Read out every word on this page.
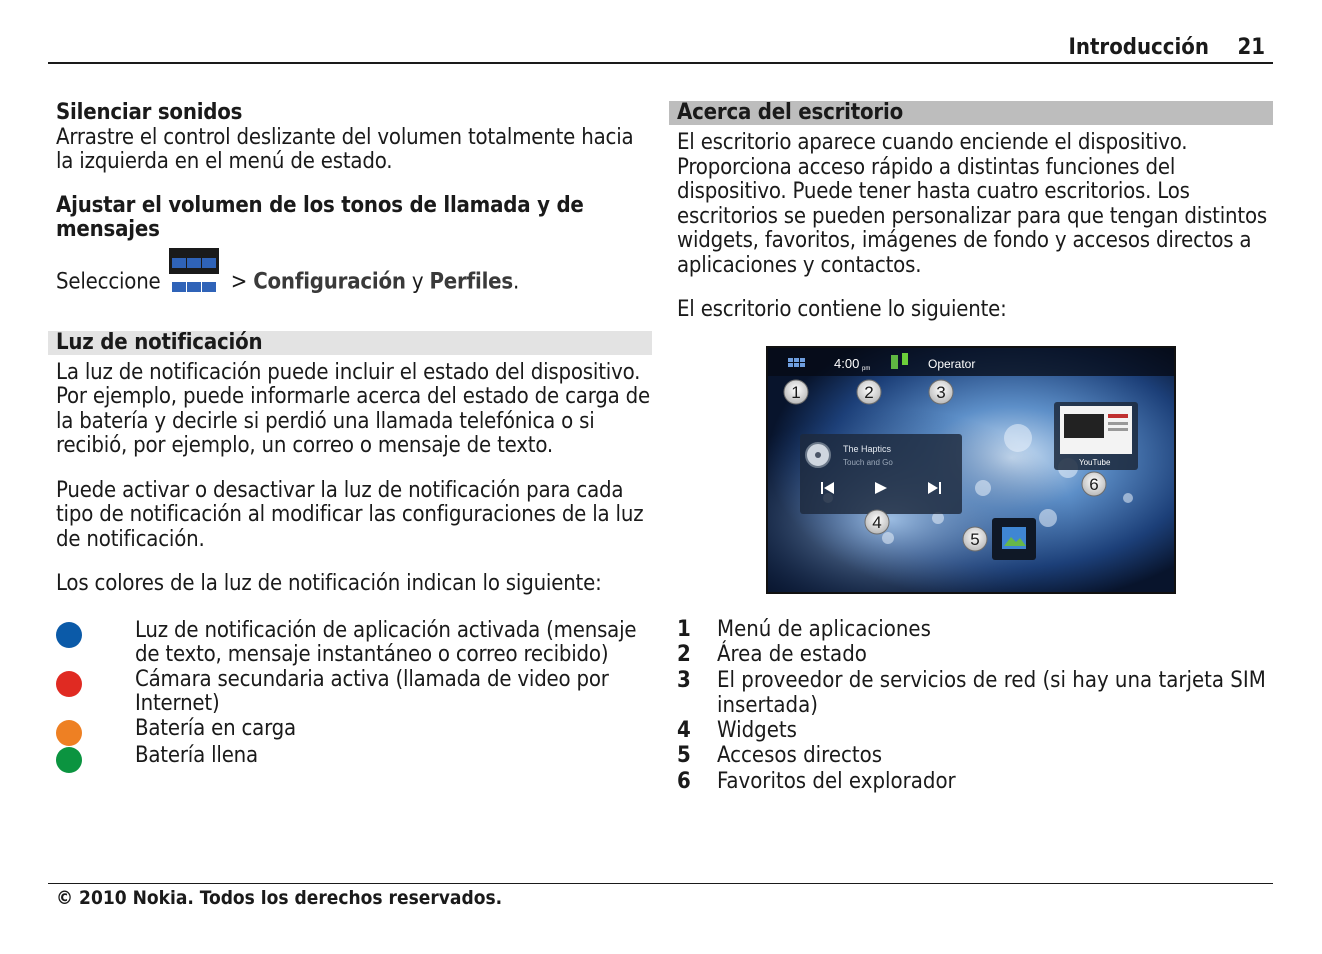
Introducción 21
Silenciar sonidos

Arrastre el control deslizante del volumen totalmente hacia la izquierda en el menú de estado.

Ajustar el volumen de los tonos de llamada y de mensajes

Seleccione	> Configuración y Perfiles.

Luz de notificación

La luz de notificación puede incluir el estado del dispositivo. Por ejemplo, puede informarle acerca del estado de carga de la batería y decirle si perdió una llamada telefónica o si recibió, por ejemplo, un correo o mensaje de texto.

Puede activar o desactivar la luz de notificación para cada tipo de notificación al modificar las configuraciones de la luz de notificación.

Los colores de la luz de notificación indican lo siguiente:

Luz de notificación de aplicación activada (mensaje de texto, mensaje instantáneo o correo recibido)
Cámara secundaria activa (llamada de video por Internet)
Batería en carga
Batería llena
Acerca del escritorio

El escritorio aparece cuando enciende el dispositivo. Proporciona acceso rápido a distintas funciones del dispositivo. Puede tener hasta cuatro escritorios. Los escritorios se pueden personalizar para que tengan distintos widgets, favoritos, imágenes de fondo y accesos directos a aplicaciones y contactos.

El escritorio contiene lo siguiente:

4:00 pm	Operator
The Haptics
Touch and Go	YouTube
1	2	3
4
5
6
1 Menú de aplicaciones
2 Área de estado
3 El proveedor de servicios de red (si hay una tarjeta SIM insertada)
4 Widgets
5 Accesos directos
6 Favoritos del explorador
© 2010 Nokia. Todos los derechos reservados.
